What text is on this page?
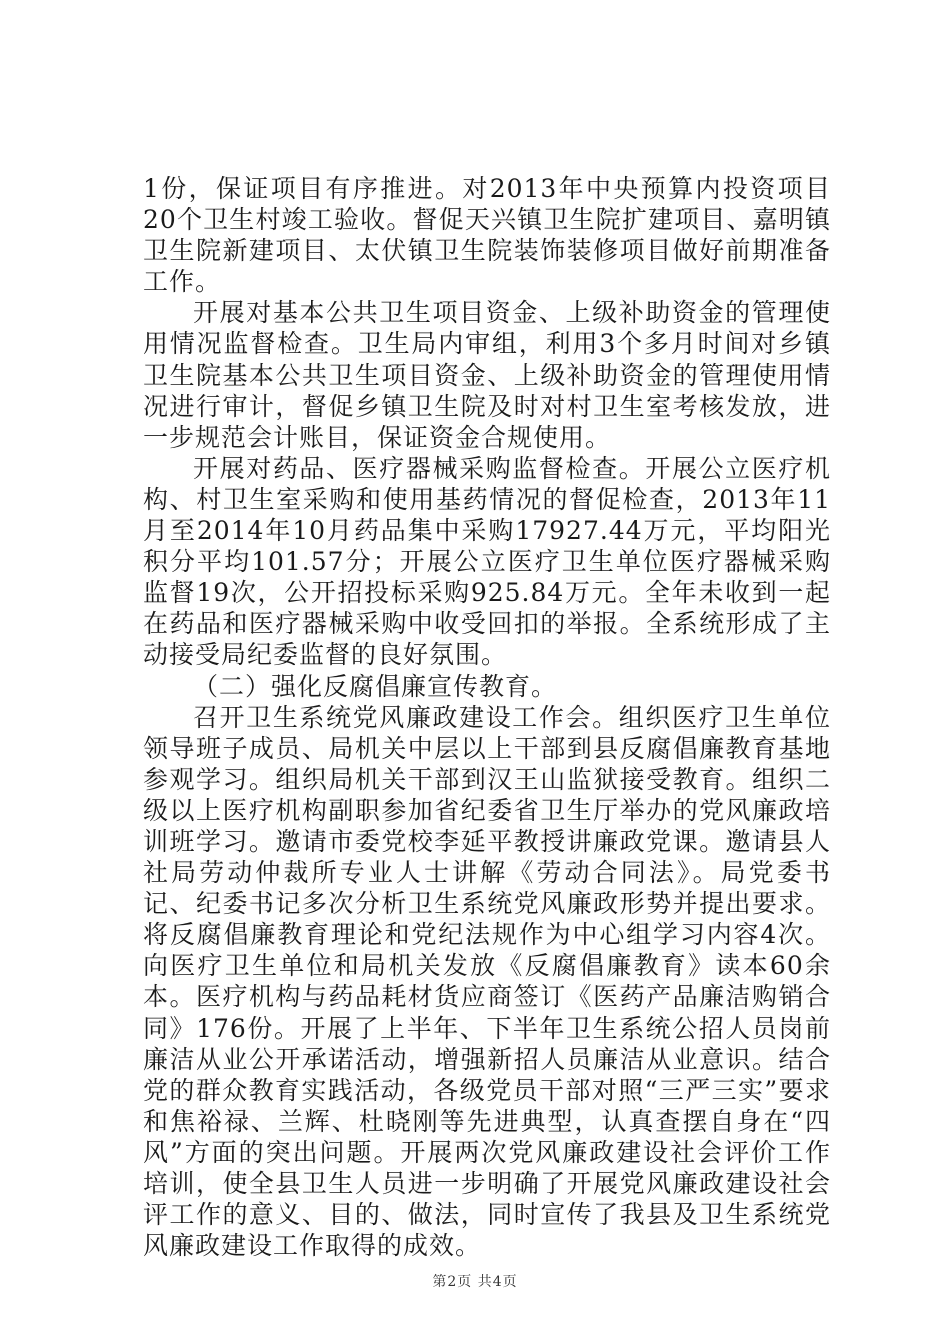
1份，保证项目有序推进。对2013年中央预算内投资项目20个卫生村竣工验收。督促天兴镇卫生院扩建项目、嘉明镇卫生院新建项目、太伏镇卫生院装饰装修项目做好前期准备工作。

开展对基本公共卫生项目资金、上级补助资金的管理使用情况监督检查。卫生局内审组，利用3个多月时间对乡镇卫生院基本公共卫生项目资金、上级补助资金的管理使用情况进行审计，督促乡镇卫生院及时对村卫生室考核发放，进一步规范会计账目，保证资金合规使用。

开展对药品、医疗器械采购监督检查。开展公立医疗机构、村卫生室采购和使用基药情况的督促检查，2013年11月至2014年10月药品集中采购17927.44万元，平均阳光积分平均101.57分；开展公立医疗卫生单位医疗器械采购监督19次，公开招投标采购925.84万元。全年未收到一起在药品和医疗器械采购中收受回扣的举报。全系统形成了主动接受局纪委监督的良好氛围。

（二）强化反腐倡廉宣传教育。

召开卫生系统党风廉政建设工作会。组织医疗卫生单位领导班子成员、局机关中层以上干部到县反腐倡廉教育基地参观学习。组织局机关干部到汉王山监狱接受教育。组织二级以上医疗机构副职参加省纪委省卫生厅举办的党风廉政培训班学习。邀请市委党校李延平教授讲廉政党课。邀请县人社局劳动仲裁所专业人士讲解《劳动合同法》。局党委书记、纪委书记多次分析卫生系统党风廉政形势并提出要求。将反腐倡廉教育理论和党纪法规作为中心组学习内容4次。向医疗卫生单位和局机关发放《反腐倡廉教育》读本60余本。医疗机构与药品耗材货应商签订《医药产品廉洁购销合同》176份。开展了上半年、下半年卫生系统公招人员岗前廉洁从业公开承诺活动，增强新招人员廉洁从业意识。结合党的群众教育实践活动，各级党员干部对照“三严三实”要求和焦裕禄、兰辉、杜晓刚等先进典型，认真查摆自身在“四风”方面的突出问题。开展两次党风廉政建设社会评价工作培训，使全县卫生人员进一步明确了开展党风廉政建设社会评工作的意义、目的、做法，同时宣传了我县及卫生系统党风廉政建设工作取得的成效。

第2页 共4页
